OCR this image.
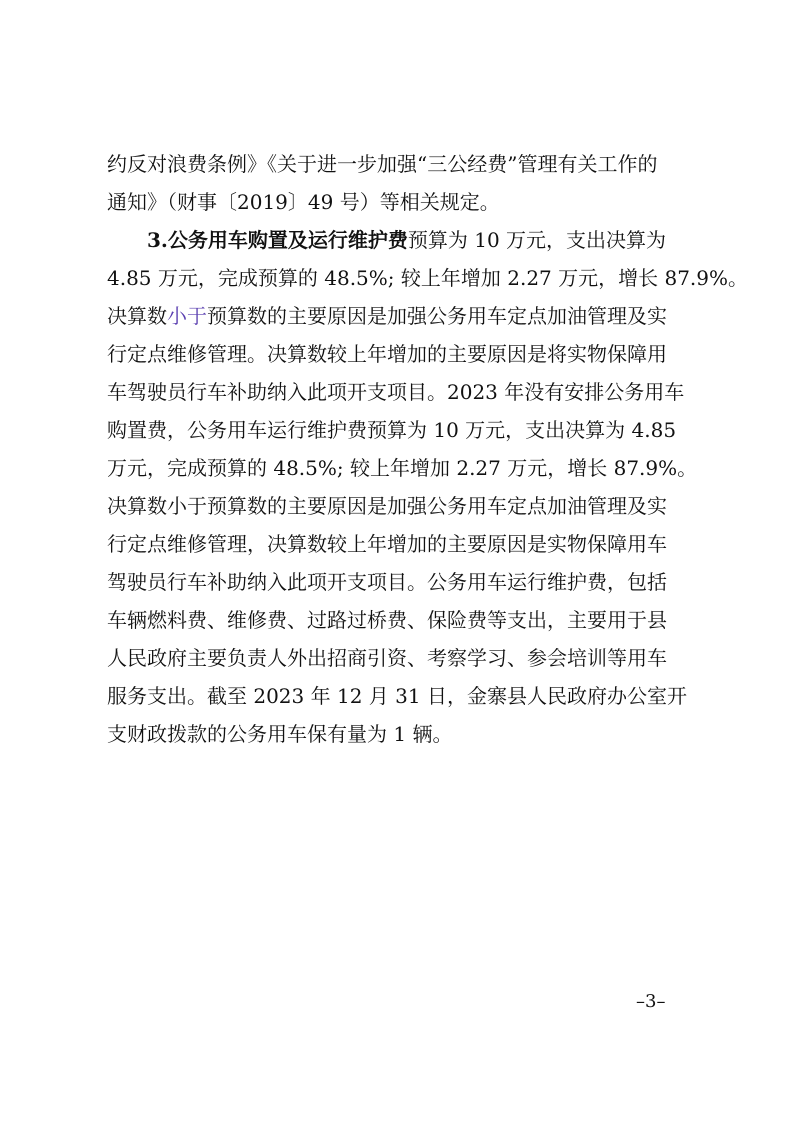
约反对浪费条例》《关于进一步加强“三公经费”管理有关工作的
通知》（财事〔2019〕49 号）等相关规定。
3.公务用车购置及运行维护费预算为 10 万元，支出决算为
4.85 万元，完成预算的 48.5%; 较上年增加 2.27 万元，增长 87.9%。
决算数小于预算数的主要原因是加强公务用车定点加油管理及实
行定点维修管理。决算数较上年增加的主要原因是将实物保障用
车驾驶员行车补助纳入此项开支项目。2023 年没有安排公务用车
购置费，公务用车运行维护费预算为 10 万元，支出决算为 4.85
万元，完成预算的 48.5%; 较上年增加 2.27 万元，增长 87.9%。
决算数小于预算数的主要原因是加强公务用车定点加油管理及实
行定点维修管理，决算数较上年增加的主要原因是实物保障用车
驾驶员行车补助纳入此项开支项目。公务用车运行维护费，包括
车辆燃料费、维修费、过路过桥费、保险费等支出，主要用于县
人民政府主要负责人外出招商引资、考察学习、参会培训等用车
服务支出。截至 2023 年 12 月 31 日，金寨县人民政府办公室开
支财政拨款的公务用车保有量为 1 辆。
–3–
